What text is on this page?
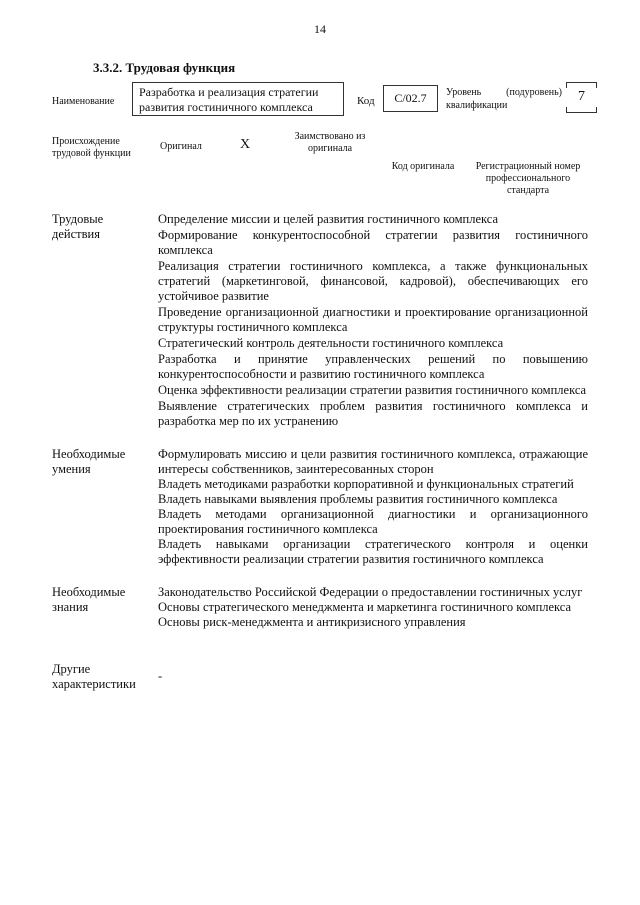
14
3.3.2. Трудовая функция
Наименование
Разработка и реализация стратегии развития гостиничного комплекса	Код	С/02.7	Уровень (подуровень) квалификации
7
Происхождение трудовой функции
Оригинал	X
Заимствовано из оригинала
Код оригинала	Регистрационный номер профессионального стандарта
Трудовые действия

Определение миссии и целей развития гостиничного комплекса

Формирование конкурентоспособной стратегии развития гостиничного комплекса

Реализация стратегии гостиничного комплекса, а также функциональных стратегий (маркетинговой, финансовой, кадровой), обеспечивающих его устойчивое развитие

Проведение организационной диагностики и проектирование организационной структуры гостиничного комплекса

Стратегический контроль деятельности гостиничного комплекса

Разработка и принятие управленческих решений по повышению конкурентоспособности и развитию гостиничного комплекса

Оценка эффективности реализации стратегии развития гостиничного комплекса

Выявление стратегических проблем развития гостиничного комплекса и разработка мер по их устранению

Необходимые умения

Формулировать миссию и цели развития гостиничного комплекса, отражающие интересы собственников, заинтересованных сторон

Владеть методиками разработки корпоративной и функциональных стратегий

Владеть навыками выявления проблемы развития гостиничного комплекса

Владеть методами организационной диагностики и организационного проектирования гостиничного комплекса

Владеть навыками организации стратегического контроля и оценки эффективности реализации стратегии развития гостиничного комплекса

Необходимые знания

Законодательство Российской Федерации о предоставлении гостиничных услуг

Основы стратегического менеджмента и маркетинга гостиничного комплекса

Основы риск-менеджмента и антикризисного управления

Другие характеристики

-
